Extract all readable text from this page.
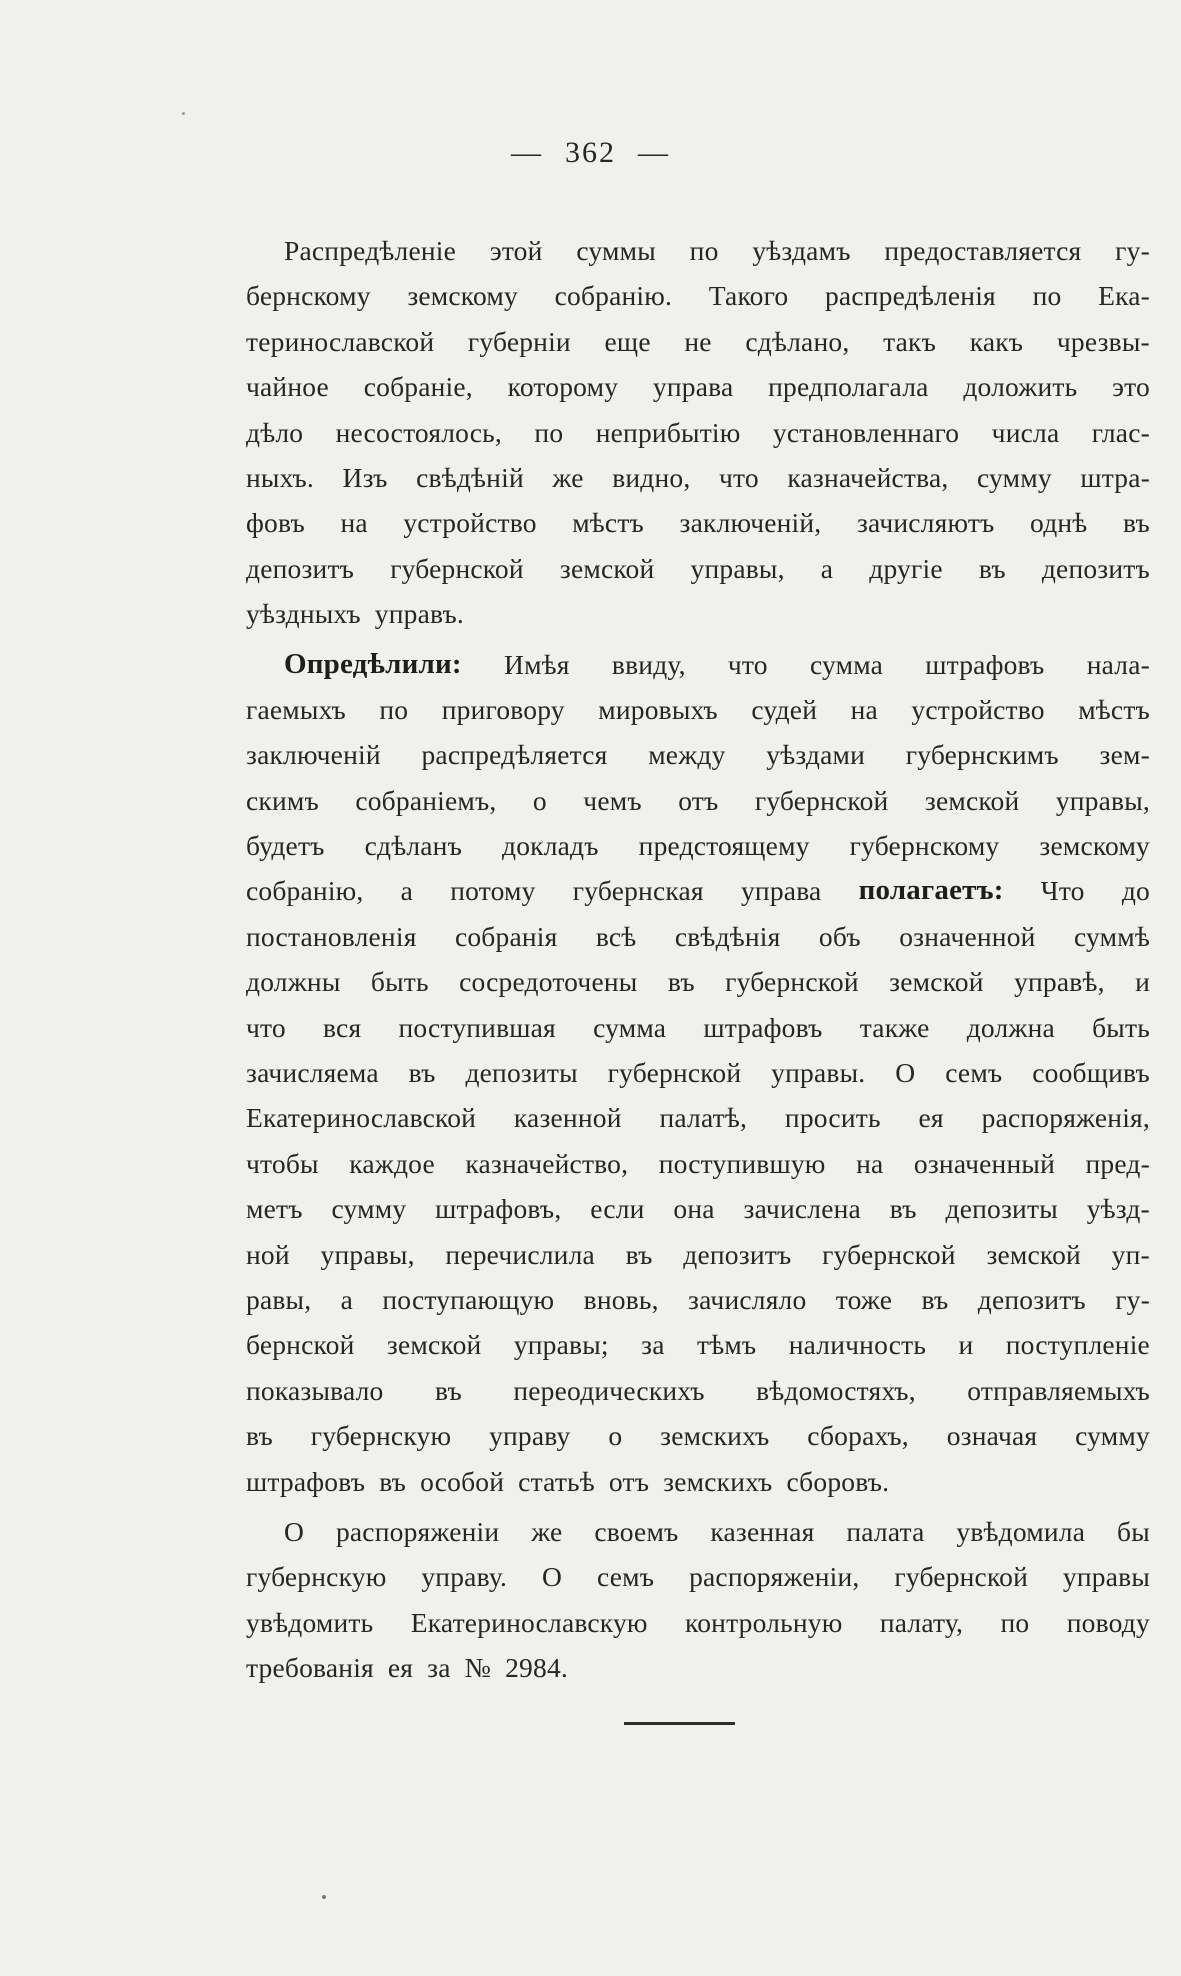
— 362 —
Распредѣленіе этой суммы по уѣздамъ предоставляется гу-
бернскому земскому собранію. Такого распредѣленія по Ека-
теринославской губерніи еще не сдѣлано, такъ какъ чрезвы-
чайное собраніе, которому управа предполагала доложить это
дѣло несостоялось, по неприбытію установленнаго числа глас-
ныхъ. Изъ свѣдѣній же видно, что казначейства, сумму штра-
фовъ на устройство мѣстъ заключеній, зачисляютъ однѣ въ
депозитъ губернской земской управы, а другіе въ депозитъ
уѣздныхъ управъ.
Опредѣлили: Имѣя ввиду, что сумма штрафовъ нала-
гаемыхъ по приговору мировыхъ судей на устройство мѣстъ
заключеній распредѣляется между уѣздами губернскимъ зем-
скимъ собраніемъ, о чемъ отъ губернской земской управы,
будетъ сдѣланъ докладъ предстоящему губернскому земскому
собранію, а потому губернская управа полагаетъ: Что до
постановленія собранія всѣ свѣдѣнія объ означенной суммѣ
должны быть сосредоточены въ губернской земской управѣ, и
что вся поступившая сумма штрафовъ также должна быть
зачисляема въ депозиты губернской управы. О семъ сообщивъ
Екатеринославской казенной палатѣ, просить ея распоряженія,
чтобы каждое казначейство, поступившую на означенный пред-
метъ сумму штрафовъ, если она зачислена въ депозиты уѣзд-
ной управы, перечислила въ депозитъ губернской земской уп-
равы, а поступающую вновь, зачисляло тоже въ депозитъ гу-
бернской земской управы; за тѣмъ наличность и поступленіе
показывало въ переодическихъ вѣдомостяхъ, отправляемыхъ
въ губернскую управу о земскихъ сборахъ, означая сумму
штрафовъ въ особой статьѣ отъ земскихъ сборовъ.
О распоряженіи же своемъ казенная палата увѣдомила бы
губернскую управу. О семъ распоряженіи, губернской управы
увѣдомить Екатеринославскую контрольную палату, по поводу
требованія ея за № 2984.
